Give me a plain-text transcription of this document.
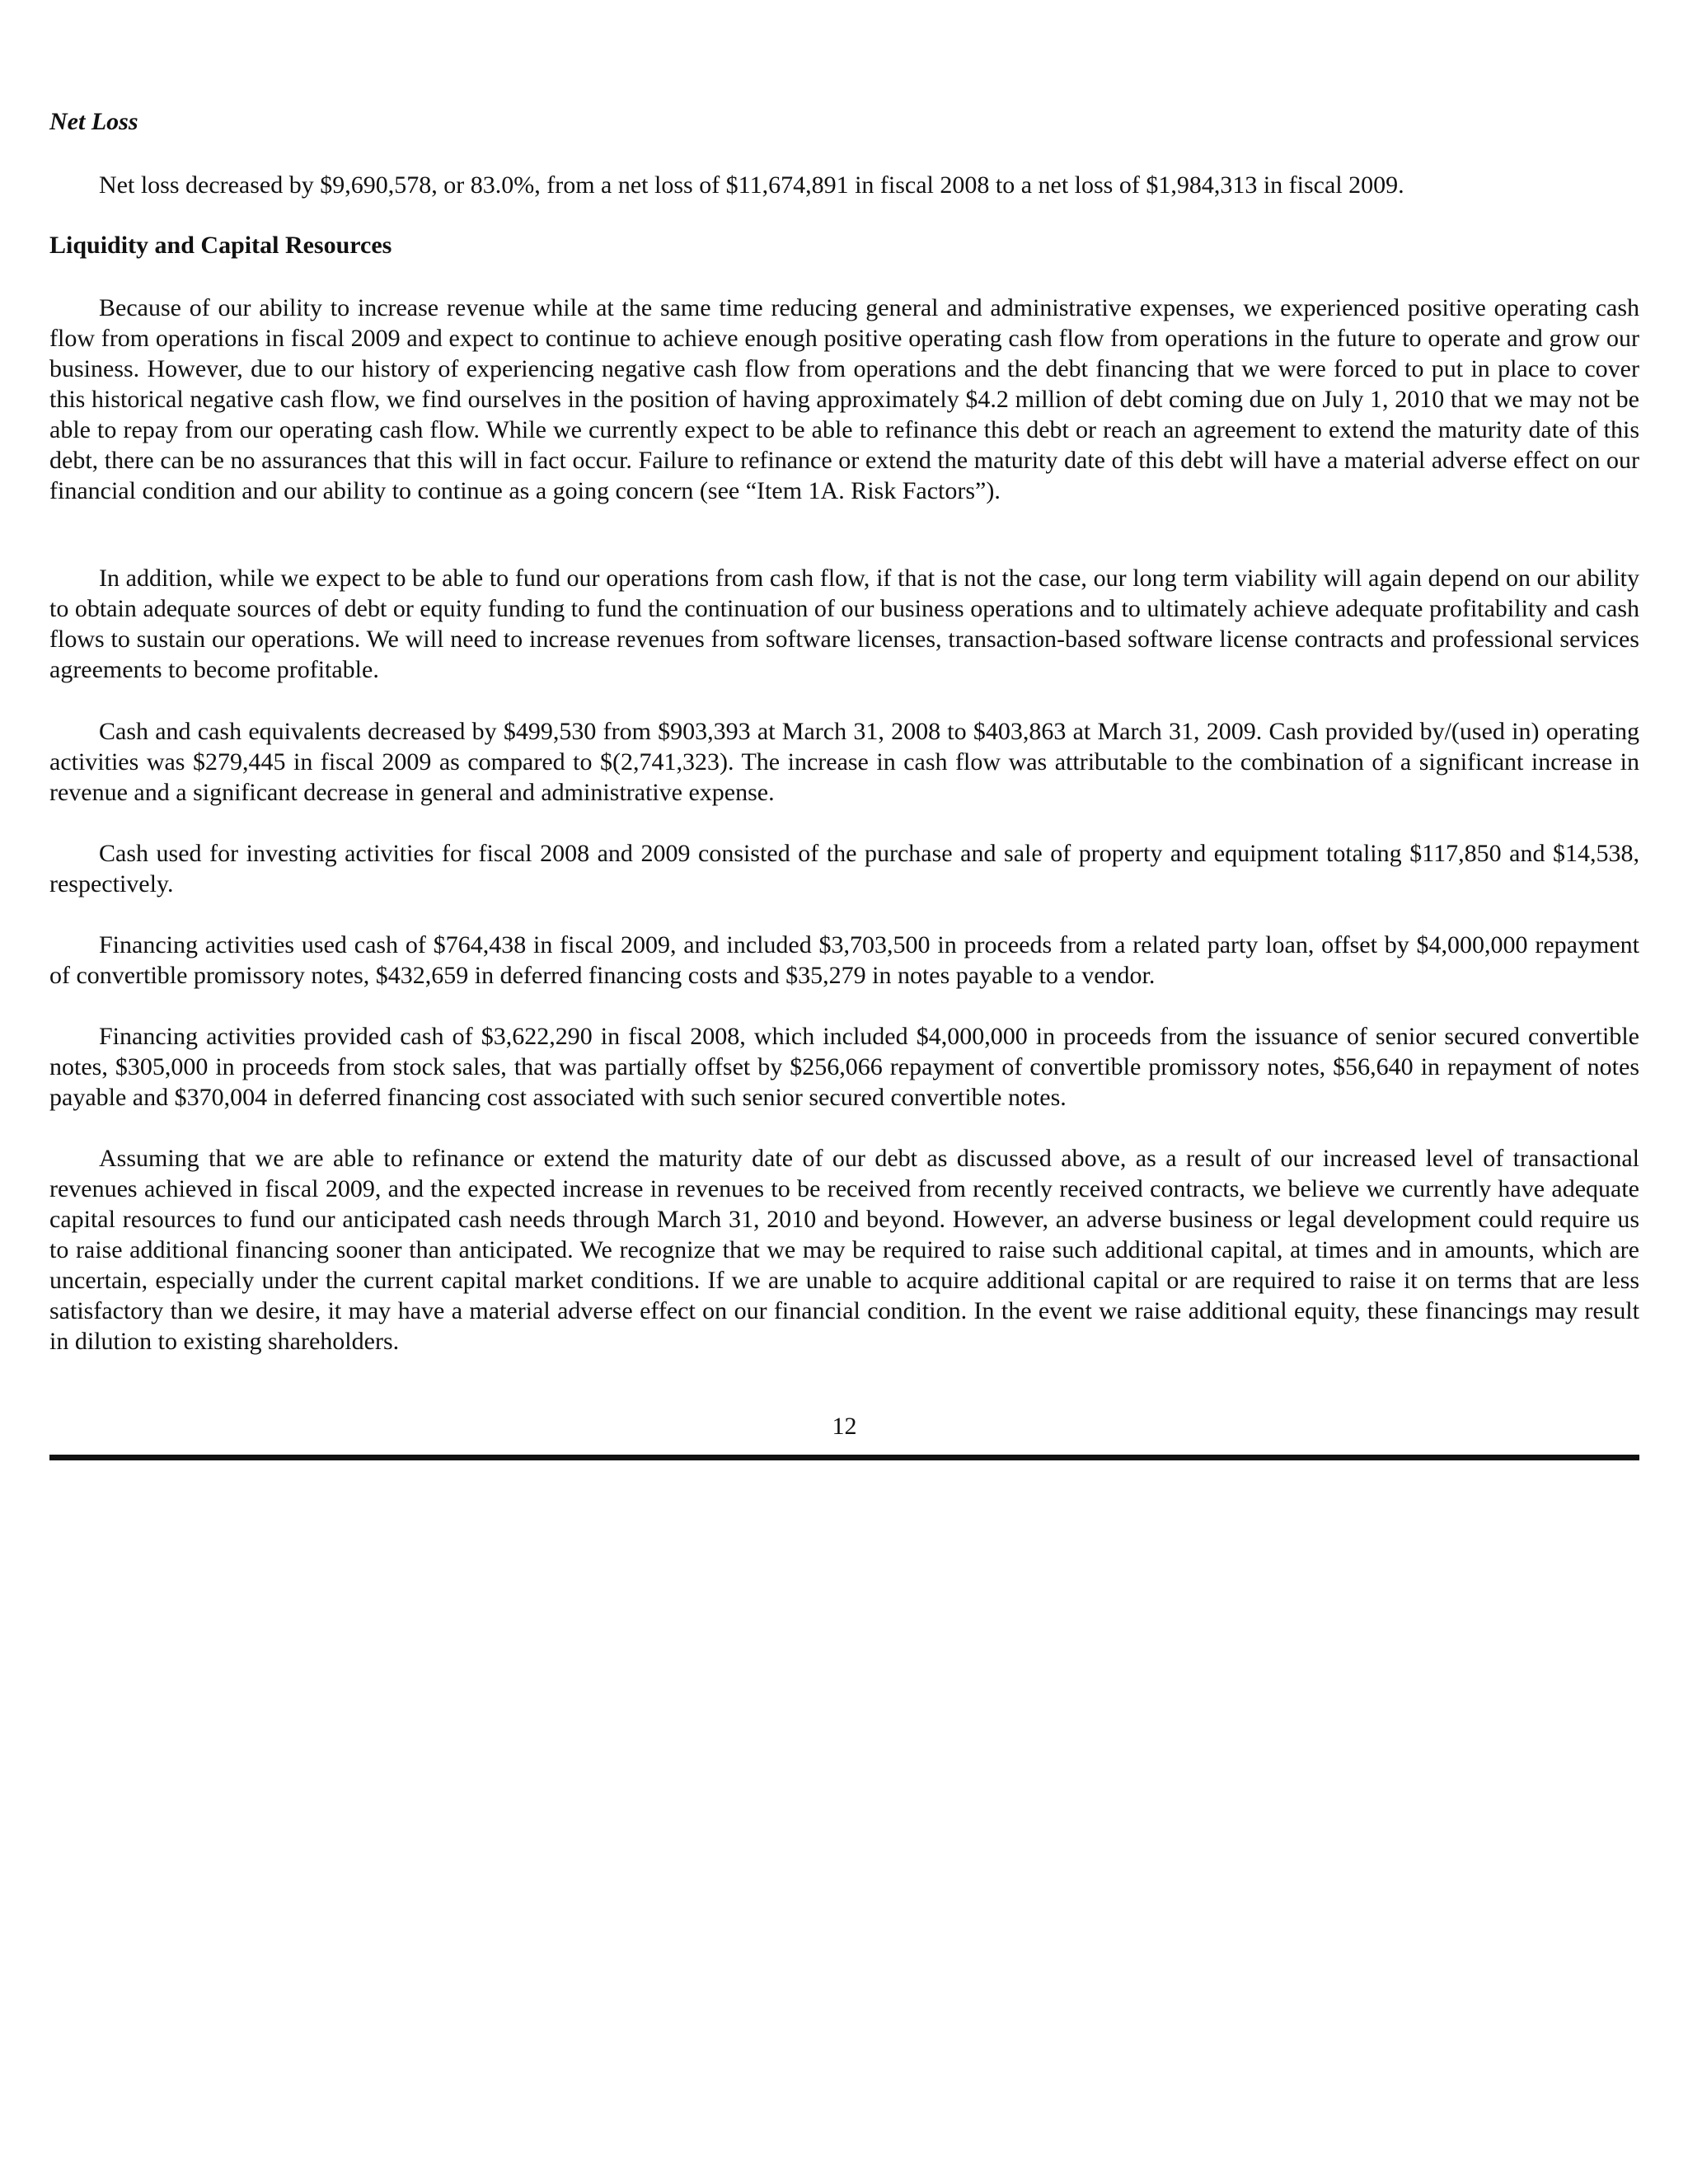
Net Loss

Net loss decreased by $9,690,578, or 83.0%, from a net loss of $11,674,891 in fiscal 2008 to a net loss of $1,984,313 in fiscal 2009.

Liquidity and Capital Resources

Because of our ability to increase revenue while at the same time reducing general and administrative expenses, we experienced positive operating cash flow from operations in fiscal 2009 and expect to continue to achieve enough positive operating cash flow from operations in the future to operate and grow our business. However, due to our history of experiencing negative cash flow from operations and the debt financing that we were forced to put in place to cover this historical negative cash flow, we find ourselves in the position of having approximately $4.2 million of debt coming due on July 1, 2010 that we may not be able to repay from our operating cash flow. While we currently expect to be able to refinance this debt or reach an agreement to extend the maturity date of this debt, there can be no assurances that this will in fact occur. Failure to refinance or extend the maturity date of this debt will have a material adverse effect on our financial condition and our ability to continue as a going concern (see “Item 1A. Risk Factors”).

In addition, while we expect to be able to fund our operations from cash flow, if that is not the case, our long term viability will again depend on our ability to obtain adequate sources of debt or equity funding to fund the continuation of our business operations and to ultimately achieve adequate profitability and cash flows to sustain our operations. We will need to increase revenues from software licenses, transaction-based software license contracts and professional services agreements to become profitable.

Cash and cash equivalents decreased by $499,530 from $903,393 at March 31, 2008 to $403,863 at March 31, 2009. Cash provided by/(used in) operating activities was $279,445 in fiscal 2009 as compared to $(2,741,323). The increase in cash flow was attributable to the combination of a significant increase in revenue and a significant decrease in general and administrative expense.

Cash used for investing activities for fiscal 2008 and 2009 consisted of the purchase and sale of property and equipment totaling $117,850 and $14,538, respectively.

Financing activities used cash of $764,438 in fiscal 2009, and included $3,703,500 in proceeds from a related party loan, offset by $4,000,000 repayment of convertible promissory notes, $432,659 in deferred financing costs and $35,279 in notes payable to a vendor.

Financing activities provided cash of $3,622,290 in fiscal 2008, which included $4,000,000 in proceeds from the issuance of senior secured convertible notes, $305,000 in proceeds from stock sales, that was partially offset by $256,066 repayment of convertible promissory notes, $56,640 in repayment of notes payable and $370,004 in deferred financing cost associated with such senior secured convertible notes.

Assuming that we are able to refinance or extend the maturity date of our debt as discussed above, as a result of our increased level of transactional revenues achieved in fiscal 2009, and the expected increase in revenues to be received from recently received contracts, we believe we currently have adequate capital resources to fund our anticipated cash needs through March 31, 2010 and beyond. However, an adverse business or legal development could require us to raise additional financing sooner than anticipated. We recognize that we may be required to raise such additional capital, at times and in amounts, which are uncertain, especially under the current capital market conditions. If we are unable to acquire additional capital or are required to raise it on terms that are less satisfactory than we desire, it may have a material adverse effect on our financial condition. In the event we raise additional equity, these financings may result in dilution to existing shareholders.

12
